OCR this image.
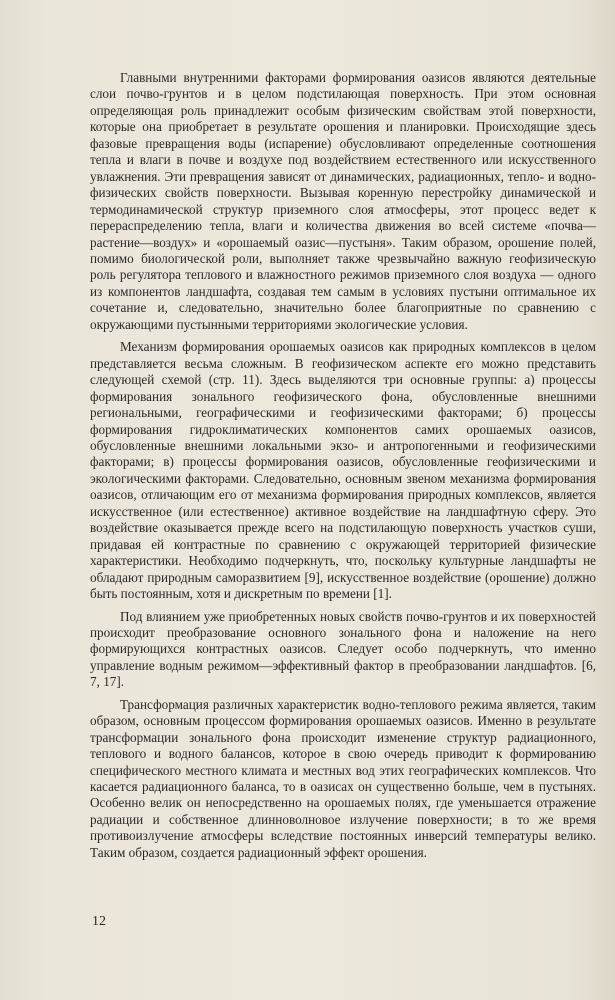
Главными внутренними факторами формирования оазисов являются деятельные слои почво-грунтов и в целом подстилающая поверхность. При этом основная определяющая роль принадлежит особым физическим свойствам этой поверхности, которые она приобретает в результате орошения и планировки. Происходящие здесь фазовые превращения воды (испарение) обусловливают определенные соотношения тепла и влаги в почве и воздухе под воздействием естественного или искусственного увлажнения. Эти превращения зависят от динамических, радиационных, тепло- и водно-физических свойств поверхности. Вызывая коренную перестройку динамической и термодинамической структур приземного слоя атмосферы, этот процесс ведет к перераспределению тепла, влаги и количества движения во всей системе «почва—растение—воздух» и «орошаемый оазис—пустыня». Таким образом, орошение полей, помимо биологической роли, выполняет также чрезвычайно важную геофизическую роль регулятора теплового и влажностного режимов приземного слоя воздуха — одного из компонентов ландшафта, создавая тем самым в условиях пустыни оптимальное их сочетание и, следовательно, значительно более благоприятные по сравнению с окружающими пустынными территориями экологические условия.

Механизм формирования орошаемых оазисов как природных комплексов в целом представляется весьма сложным. В геофизическом аспекте его можно представить следующей схемой (стр. 11). Здесь выделяются три основные группы: а) процессы формирования зонального геофизического фона, обусловленные внешними региональными, географическими и геофизическими факторами; б) процессы формирования гидроклиматических компонентов самих орошаемых оазисов, обусловленные внешними локальными экзо- и антропогенными и геофизическими факторами; в) процессы формирования оазисов, обусловленные геофизическими и экологическими факторами. Следовательно, основным звеном механизма формирования оазисов, отличающим его от механизма формирования природных комплексов, является искусственное (или естественное) активное воздействие на ландшафтную сферу. Это воздействие оказывается прежде всего на подстилающую поверхность участков суши, придавая ей контрастные по сравнению с окружающей территорией физические характеристики. Необходимо подчеркнуть, что, поскольку культурные ландшафты не обладают природным саморазвитием [9], искусственное воздействие (орошение) должно быть постоянным, хотя и дискретным по времени [1].

Под влиянием уже приобретенных новых свойств почво-грунтов и их поверхностей происходит преобразование основного зонального фона и наложение на него формирующихся контрастных оазисов. Следует особо подчеркнуть, что именно управление водным режимом—эффективный фактор в преобразовании ландшафтов. [6, 7, 17].

Трансформация различных характеристик водно-теплового режима является, таким образом, основным процессом формирования орошаемых оазисов. Именно в результате трансформации зонального фона происходит изменение структур радиационного, теплового и водного балансов, которое в свою очередь приводит к формированию специфического местного климата и местных вод этих географических комплексов. Что касается радиационного баланса, то в оазисах он существенно больше, чем в пустынях. Особенно велик он непосредственно на орошаемых полях, где уменьшается отражение радиации и собственное длинноволновое излучение поверхности; в то же время противоизлучение атмосферы вследствие постоянных инверсий температуры велико. Таким образом, создается радиационный эффект орошения.

12
